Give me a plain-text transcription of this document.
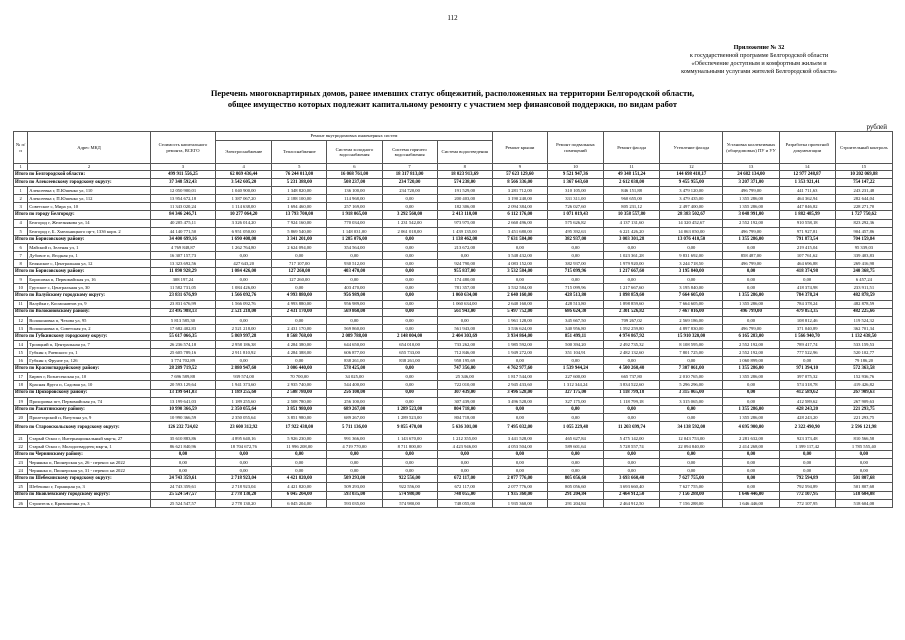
112
Приложение № 32
к государственной программе Белгородской области
«Обеспечение доступным и комфортным жильем и
коммунальными услугами жителей Белгородской области»
Перечень многоквартирных домов, ранее имевших статус общежитий, расположенных на территории Белгородской области,
общее имущество которых подлежит капитальному ремонту с участием мер финансовой поддержки, по видам работ
рублей
№ п/п	Адрес МКД	Стоимость капитального ремонта, ВСЕГО	Ремонт внутридомовых инженерных систем					Ремонт крыши	Ремонт подвальных помещений	Ремонт фасада	Утепление фасада	Установка коллективных (общедомовых) ПУ и УУ	Разработка проектной документации	Строительный контроль
			Электроснабжение	Теплоснабжение	Система холодного водоснабжения	Система горячего водоснабжения	Система водоотведения							
1	2	3	4	5	6	7	8	9	10	11	12	13	14	15
Итого по Белгородской области:		499 911 556,25	62 069 436,44	76 244 013,00	16 068 761,00	18 317 813,00	18 023 913,69	57 623 129,60	9 521 947,36	49 348 151,24	144 698 410,17	24 682 134,00	12 977 248,87	10 202 069,88
Итого по Алексеевскому городскому округу:		37 348 592,43	3 542 605,20	5 231 388,00	508 237,00	234 720,00	574 238,00	8 566 336,00	1 367 643,60	2 612 038,00	9 455 955,00	3 207 371,00	1 353 921,41	754 147,22
1	Алексеевка г, П.Юшенко ул, 110	12 050 900,01	1 040 900,00	1 348 820,00	136 100,00	234 720,00	191 529,00	3 281 712,00	310 105,00	846 151,88	3 479 120,00	496 799,00	441 711,63	243 231,48
2	Алексеевка г, П.Юшенко ул, 112	13 954 672,18	1 387 067,20	2 188 100,00	114 968,00	0,00	200 403,00	3 190 240,00	331 311,00	960 655,00	3 479 435,00	1 355 286,00	464 362,94	282 644,04
3	Советское с, Мира ул, 10	11 343 020,24	1 114 638,00	1 694 460,00	257 169,00	0,00	182 306,00	2 094 384,00	726 027,60	805 231,12	2 497 400,00	1 355 286,00	447 846,82	228 271,70
Итого по городу Белгороду:		84 346 246,71	10 277 064,20	13 793 700,00	1 918 065,00	3 292 560,00	2 413 110,00	6 112 176,00	1 071 019,43	10 358 557,80	28 383 502,67	3 048 991,00	1 882 485,99	1 727 750,62
4	Белгород г, Железнякова ул, 14	40 205 475,11	3 326 014,20	7 924 160,00	770 034,00	1 231 542,00	973 975,00	2 660 496,00	575 626,82	4 137 131,60	14 320 452,67	2 552 192,00	910 558,18	823 292,36
5	Белгород г, Б. Хмельницкого пр-т, 133б корп. 2	44 140 771,50	6 951 050,00	5 869 540,00	1 148 031,00	2 061 018,00	1 439 135,00	3 451 680,00	495 392,63	6 221 426,20	14 063 050,00	496 799,00	971 927,81	904 457,86
Итого по Борисовскому району:		34 400 699,16	1 690 408,00	3 341 201,00	1 285 076,00	0,00	1 138 462,00	7 631 584,00	382 937,00	3 003 301,28	13 076 410,50	1 355 286,00	791 873,54	704 159,84
6	Майский п, Зеленая ул, 1	4 769 848,87	1 262 764,80	2 624 094,00	354 564,00	0,00	213 672,00	0,00	0,00	0,00	0,00	0,00	219 415,04	95 339,03
7	Дубовое п, Ягодная ул, 1	16 307 157,73	0,00	0,00	0,00	0,00	0,00	3 548 432,00	0,00	1 023 361,28	9 831 692,00	858 487,00	107 761,62	339 403,83
8	Белянское с, Центральная ул, 12	13 323 692,56	427 643,20	717 107,00	930 512,00	0,00	924 790,00	4 083 152,00	382 937,00	1 979 920,00	3 244 718,50	496 799,00	464 696,88	269 416,98
Итого по Борисовскому району:		11 890 928,29	1 084 426,00	127 260,00	403 470,00	0,00	955 837,00	3 532 584,00	715 099,96	1 217 667,60	3 195 840,00	0,00	418 374,98	240 368,75
9	Борисовка п, Первомайская ул, 16	308 197,24	0,00	127 260,00	0,00	0,00	174 480,00	0,00	0,00	0,00	0,00	0,00	0,00	6 457,24
10	Грузское с, Центральная ул, 30	11 582 731,05	1 084 426,00	0,00	403 470,00	0,00	781 357,00	3 532 584,00	715 099,96	1 217 667,60	3 195 840,00	0,00	418 374,98	233 911,51
Итого по Валуйскому городскому округу:		23 831 676,99	1 566 092,76	4 993 880,00	956 989,00	0,00	1 060 634,00	2 640 160,00	428 513,80	1 898 859,60	7 664 605,00	1 355 286,00	784 378,24	482 878,59
11	Валуйки г, Космонавтов ул, 9	23 831 676,99	1 566 092,76	4 993 880,00	956 989,00	0,00	1 060 634,00	2 640 160,00	428 513,80	1 898 859,60	7 664 605,00	1 355 286,00	784 378,24	482 878,59
Итого по Волоконовскому району:		23 495 988,13	2 521 218,00	2 431 170,00	569 860,00	0,00	561 943,00	5 497 752,00	686 624,30	2 301 526,82	7 467 016,00	496 799,00	479 853,35	482 225,66
12	Волоконовка п, Чехова ул, 95	5 813 585,30	0,00	0,00	0,00	0,00	0,00	1 961 128,00	345 667,50	709 267,02	2 569 186,00	0,00	108 812,46	119 524,32
13	Волоконовка п, Советская ул, 2	17 682 402,83	2 521 218,00	2 431 170,00	569 860,00	0,00	561 943,00	3 536 624,00	340 956,80	1 592 259,80	4 897 830,00	496 799,00	371 040,89	362 701,34
Итого по Губкинскому городскому округу:		55 617 066,35	5 869 997,28	8 568 768,00	2 089 788,00	2 148 004,00	2 404 303,69	3 934 864,00	851 499,11	4 974 867,92	15 910 320,00	6 165 283,00	1 566 940,70	1 132 438,50
14	Троицкий п, Центральная ул, 7	26 236 574,18	2 958 186,38	4 284 380,00	644 650,00	654 010,00	733 262,00	1 985 592,00	500 394,20	2 492 735,32	8 108 595,00	2 552 192,00	789 417,74	533 159,53
15	Губкин г, Раевского ул, 1	25 605 789,16	2 911 810,92	4 284 388,00	606 877,00	655 733,00	712 846,00	1 949 272,00	351 104,91	2 482 132,60	7 801 725,00	2 552 192,00	777 522,96	520 102,77
16	Губкин г, Фрунзе ул, 126	3 774 702,89	0,00	0,00	838 261,00	838 261,00	958 195,69	0,00	0,00	0,00	0,00	1 060 899,00	0,00	79 186,20
Итого по Красногвардейскому району:		28 289 719,52	2 880 947,60	3 006 440,00	578 425,00	0,00	747 356,00	4 762 977,60	1 539 944,24	4 500 260,40	7 307 061,00	1 355 286,00	971 394,10	572 363,58
17	Бирюч г, Вознесенская ул, 10	7 696 589,88	939 574,00	70 700,00	34 025,00	0,00	25 346,00	1 817 544,00	227 600,00	665 737,80	2 010 765,00	1 355 286,00	397 075,32	152 936,76
18	Красная Яруга п, Садовая ул, 10	20 593 129,64	1 941 373,60	2 935 740,00	544 400,00	0,00	722 010,00	2 945 433,60	1 312 344,24	3 834 522,60	5 296 296,00	0,00	574 318,78	419 426,82
Итого по Прохоровскому району:		13 199 641,03	1 189 255,60	2 508 780,00	256 100,00	0,00	307 439,00	3 496 528,00	327 175,00	1 118 799,18	3 315 065,00	0,00	412 589,62	267 909,63
19	Прохоровка пгт, Первомайская ул, 74	13 199 641,03	1 189 255,60	2 508 780,00	256 100,00	0,00	307 439,00	3 496 528,00	327 175,00	1 118 799,18	3 315 065,00	0,00	412 589,62	267 909,63
Итого по Ракитянскому району:		10 990 366,59	2 350 055,64	3 851 980,00	689 267,00	1 289 523,00	804 718,00	0,00	0,00	0,00	0,00	1 355 286,00	428 243,20	221 293,75
20	Пролетарский п, Ватутина ул, 9	10 990 366,59	2 350 055,64	3 851 980,00	689 267,00	1 289 523,00	804 718,00	0,00	0,00	0,00	0,00	1 355 286,00	428 243,20	221 293,75
Итого по Старооскольскому городскому округу:		126 232 724,02	23 600 312,92	17 922 438,00	5 711 136,00	9 855 470,00	5 636 301,00	7 495 032,00	1 055 229,48	11 203 699,74	34 138 592,00	4 695 900,00	2 322 490,90	2 596 121,98
21	Старый Оскол г, Интернациональный мкр-н, 27	35 610 883,86	4 895 640,16	5 926 230,00	991 366,00	1 143 670,00	1 212 355,00	3 441 528,00	465 627,84	5 475 142,00	12 043 753,00	2 281 632,00	923 373,48	810 566,58
22	Старый Оскол г, Молодогвардеец мкр-н, 1	86 621 840,96	18 704 672,76	11 996 208,00	4 719 770,00	8 711 800,00	4 423 946,00	4 053 504,00	589 601,64	5 728 557,74	22 094 840,00	2 414 268,00	1 399 117,42	1 785 555,40
Итого по Чернянскому району:		0,00	0,00	0,00	0,00	0,00	0,00	0,00	0,00	0,00	0,00	0,00	0,00	0,00
23	Чернянка п, Пионерская ул, 26 - перенос на 2022	0,00	0,00	0,00	0,00	0,00	0,00	0,00	0,00	0,00	0,00	0,00	0,00	0,00
24	Чернянка п, Пионерская ул, 31 - перенос на 2022	0,00	0,00	0,00	0,00	0,00	0,00	0,00	0,00	0,00	0,00	0,00	0,00	0,00
Итого по Шебекинскому городскому округу:		24 743 359,61	2 718 923,04	4 421 820,00	509 293,00	922 556,00	672 117,00	2 077 776,00	805 056,60	3 693 660,40	7 627 755,00	0,00	792 594,89	501 807,68
25	Шебекино г, Горняцкая ул, 3	24 743 359,61	2 718 923,04	4 421 820,00	509 293,00	922 556,00	672 117,00	2 077 776,00	805 056,60	3 693 660,40	7 627 755,00	0,00	792 594,89	501 807,68
Итого по Яковлевскому городскому округу:		25 524 547,57	2 778 130,20	6 045 204,00	593 035,00	574 980,00	748 055,00	1 935 360,00	291 204,84	2 464 912,50	7 156 288,00	1 646 446,00	772 107,95	518 604,08
26	Строитель г, Кривошеина ул, 3	25 524 547,57	2 778 130,20	6 045 204,00	593 035,00	574 980,00	748 055,00	1 935 360,00	291 204,84	2 464 912,50	7 156 288,00	1 646 446,00	772 107,95	518 604,08
